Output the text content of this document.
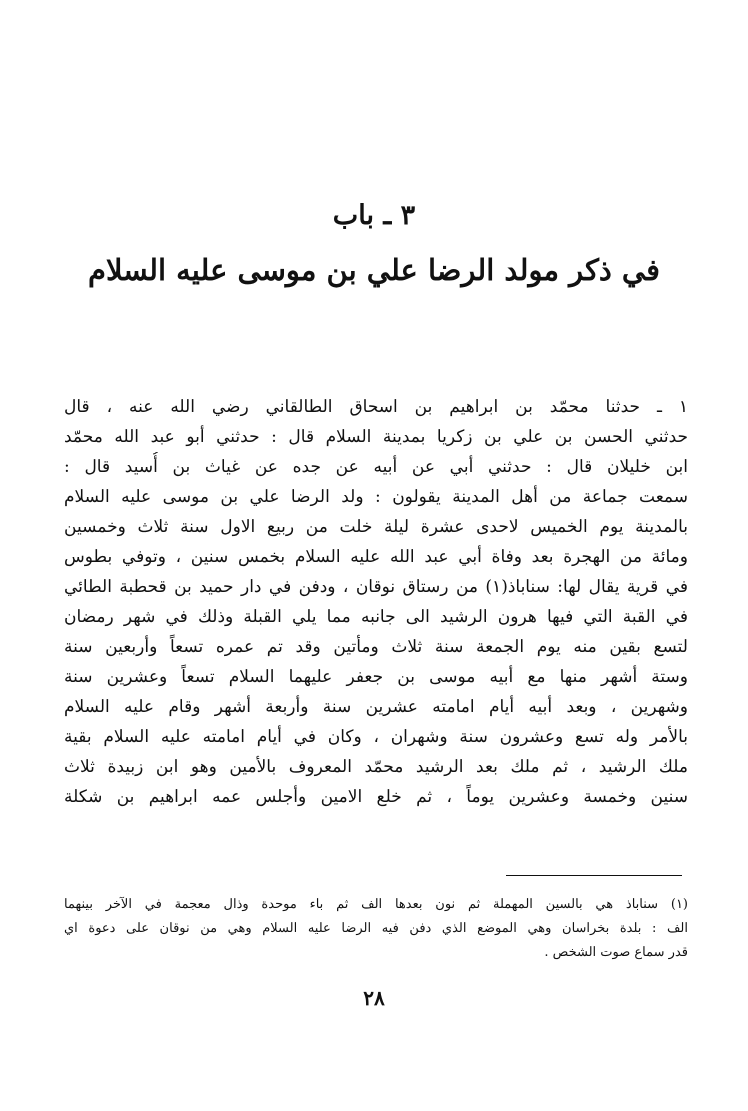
٣ ـ باب
في ذكر مولد الرضا علي بن موسى عليه السلام
١ ـ حدثنا محمّد بن ابراهيم بن اسحاق الطالقاني رضي الله عنه ، قال
حدثني الحسن بن علي بن زكريا بمدينة السلام قال : حدثني أبو عبد الله محمّد
ابن خليلان قال : حدثني أبي عن أبيه عن جده عن غياث بن أُسيد قال :
سمعت جماعة من أهل المدينة يقولون : ولد الرضا علي بن موسى عليه السلام
بالمدينة يوم الخميس لاحدى عشرة ليلة خلت من ربيع الاول سنة ثلاث وخمسين
ومائة من الهجرة بعد وفاة أبي عبد الله عليه السلام بخمس سنين ، وتوفي بطوس
في قرية يقال لها: سناباذ(١) من رستاق نوقان ، ودفن في دار حميد بن قحطبة الطائي
في القبة التي فيها هرون الرشيد الى جانبه مما يلي القبلة وذلك في شهر رمضان
لتسع بقين منه يوم الجمعة سنة ثلاث ومأتين وقد تم عمره تسعاً وأربعين سنة
وستة أشهر منها مع أبيه موسى بن جعفر عليهما السلام تسعاً وعشرين سنة
وشهرين ، وبعد أبيه أيام امامته عشرين سنة وأربعة أشهر وقام عليه السلام
بالأمر وله تسع وعشرون سنة وشهران ، وكان في أيام امامته عليه السلام بقية
ملك الرشيد ، ثم ملك بعد الرشيد محمّد المعروف بالأمين وهو ابن زبيدة ثلاث
سنين وخمسة وعشرين يوماً ، ثم خلع الامين وأجلس عمه ابراهيم بن شكلة
(١) سناباذ هي بالسين المهملة ثم نون بعدها الف ثم باء موحدة وذال معجمة في الآخر بينهما
الف : بلدة بخراسان وهي الموضع الذي دفن فيه الرضا عليه السلام وهي من نوقان على دعوة اي
قدر سماع صوت الشخص .
٢٨
